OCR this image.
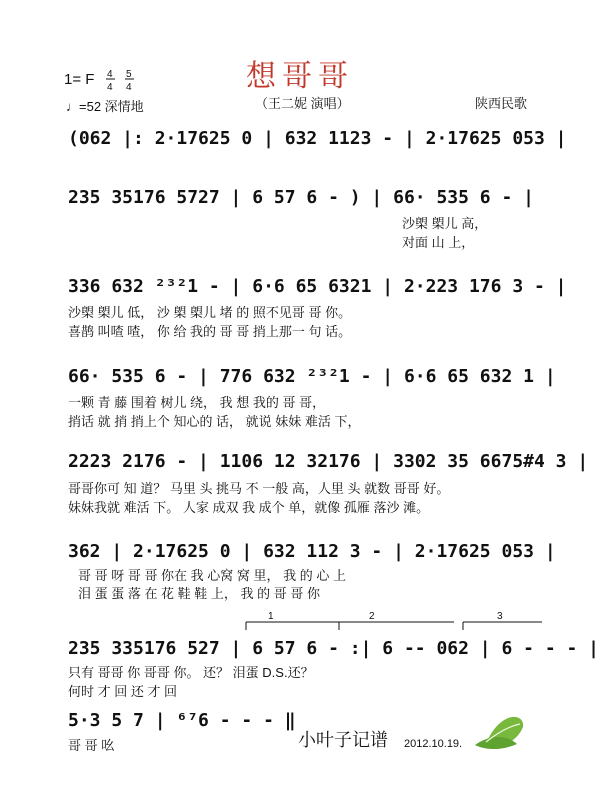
1= F 4
4
5
4	想哥哥
♩=52 深情地	（王二妮 演唱）	陕西民歌
(062 |: 2·17625 0 | 632 1123 - | 2·17625 053 |
235 35176 5727 | 6 57 6 - ) | 66· 535 6 - |
336 632 ²³²1 - | 6·6 65 6321 | 2·223 176 3 - |
66· 535 6 - | 776 632 ²³²1 - | 6·6 65 632 1 |
2223 2176 - | 1106 12 32176 | 3302 35 6675#4 3 |
362 | 2·17625 0 | 632 112 3 - | 2·17625 053 |
235 335176 527 | 6 57 6 - :| 6 -- 062 | 6 - - - |
1	2	3
5·3 5 7 | ⁶⁷6 - - - ‖
沙㮾 㮾儿 高，
对面 山 上，
沙㮾 㮾儿 低， 沙 㮾 㮾儿 堵 的 照不见哥 哥 你。
喜鹊 叫喳 喳， 你 给 我的 哥 哥 捎上那一 句 话。
一颗 青 藤 围着 树儿 绕， 我 想 我的 哥 哥，
捎话 就 捎 捎上个 知心的 话， 就说 妹妹 难活 下，
哥哥你可 知 道？ 马里 头 挑马 不 一般 高，人里 头 就数 哥哥 好。
妹妹我就 难活 下。 人家 成双 我 成个 单，就像 孤雁 落沙 滩。
哥 哥 呀 哥 哥 你在 我 心窝 窝 里， 我 的 心 上
泪 蛋 蛋 落 在 花 鞋 鞋 上， 我 的 哥 哥 你
只有 哥哥 你 哥哥 你。 还？ 泪蛋 D.S.还？
何时 才 回 还 才 回
哥 哥 吆	小叶子记谱 2012.10.19.
